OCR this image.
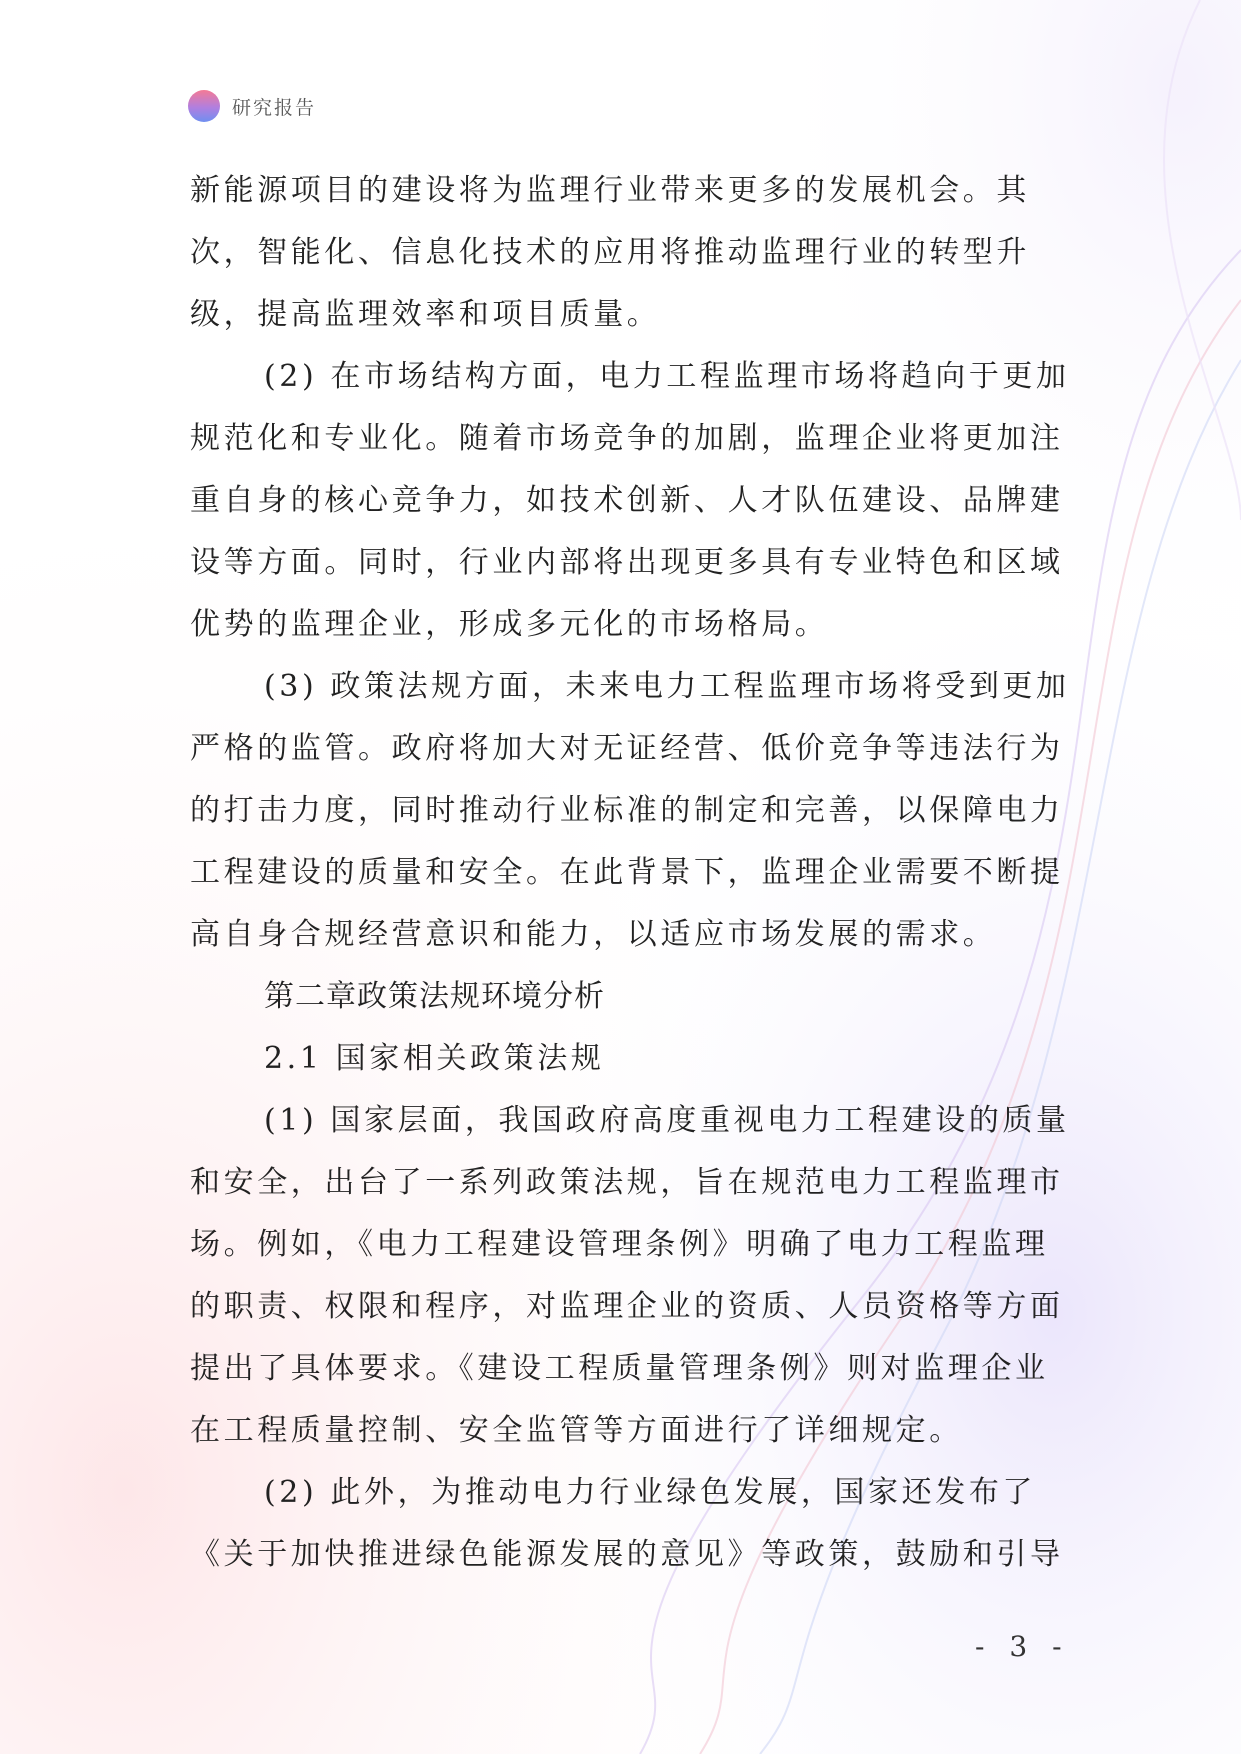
研究报告

新能源项目的建设将为监理行业带来更多的发展机会。其次，智能化、信息化技术的应用将推动监理行业的转型升级，提高监理效率和项目质量。

(2) 在市场结构方面，电力工程监理市场将趋向于更加规范化和专业化。随着市场竞争的加剧，监理企业将更加注重自身的核心竞争力，如技术创新、人才队伍建设、品牌建设等方面。同时，行业内部将出现更多具有专业特色和区域优势的监理企业，形成多元化的市场格局。

(3) 政策法规方面，未来电力工程监理市场将受到更加严格的监管。政府将加大对无证经营、低价竞争等违法行为的打击力度，同时推动行业标准的制定和完善，以保障电力工程建设的质量和安全。在此背景下，监理企业需要不断提高自身合规经营意识和能力，以适应市场发展的需求。

第二章政策法规环境分析

2.1 国家相关政策法规

(1) 国家层面，我国政府高度重视电力工程建设的质量和安全，出台了一系列政策法规，旨在规范电力工程监理市场。例如，《电力工程建设管理条例》明确了电力工程监理的职责、权限和程序，对监理企业的资质、人员资格等方面提出了具体要求。《建设工程质量管理条例》则对监理企业在工程质量控制、安全监管等方面进行了详细规定。

(2) 此外，为推动电力行业绿色发展，国家还发布了《关于加快推进绿色能源发展的意见》等政策，鼓励和引导

- 3 -
